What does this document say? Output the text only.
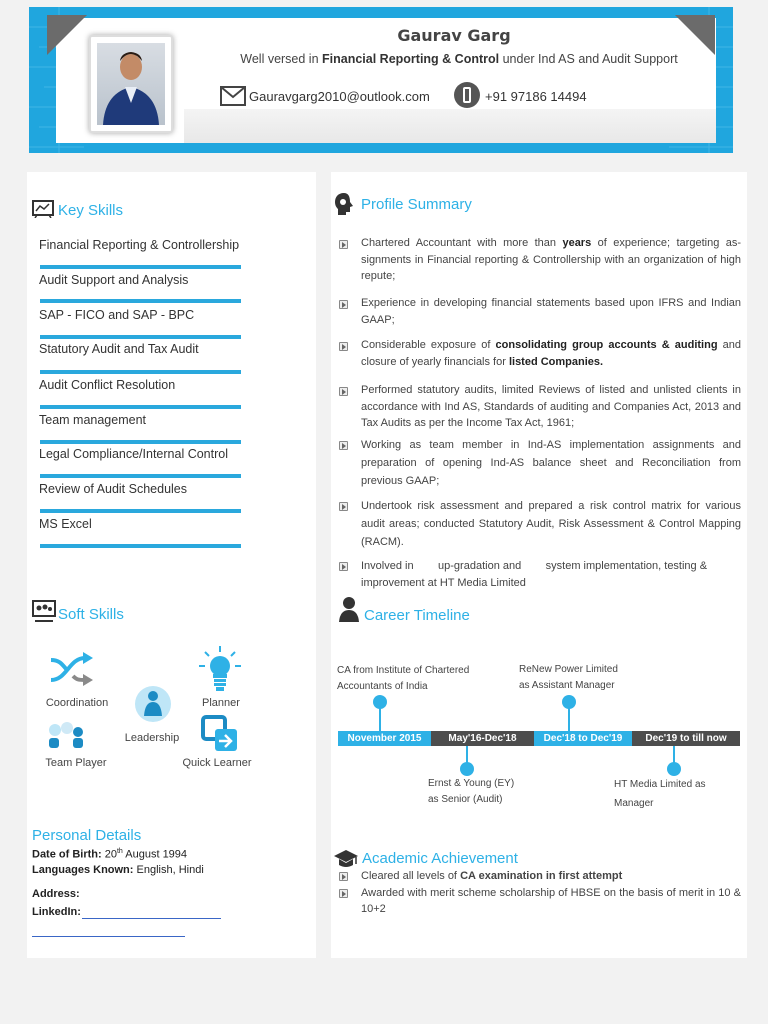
Gaurav Garg
Well versed in Financial Reporting & Control under Ind AS and Audit Support
Gauravgarg2010@outlook.com	+91 97186 14494
Key Skills
Financial Reporting & Controllership
Audit Support and Analysis
SAP - FICO and SAP - BPC
Statutory Audit and Tax Audit
Audit Conflict Resolution
Team management
Legal Compliance/Internal Control
Review of Audit Schedules
MS Excel
Soft Skills
Coordination	Planner
Leadership
Team Player	Quick Learner
Personal Details
Date of Birth: 20th August 1994
Languages Known: English, Hindi
Address:
LinkedIn:
Profile Summary
Chartered Accountant with more than years of experience; targeting as-signments in Financial reporting & Controllership with an organization of high repute;
Experience in developing financial statements based upon IFRS and Indian GAAP;
Considerable exposure of consolidating group accounts & auditing and closure of yearly financials for listed Companies.
Performed statutory audits, limited Reviews of listed and unlisted clients in accordance with Ind AS, Standards of auditing and Companies Act, 2013 and Tax Audits as per the Income Tax Act, 1961;
Working as team member in Ind-AS implementation assignments and preparation of opening Ind-AS balance sheet and Reconciliation from previous GAAP;
Undertook risk assessment and prepared a risk control matrix for various audit areas; conducted Statutory Audit, Risk Assessment & Control Mapping (RACM).
Involved in        up-gradation and        system implementation, testing & improvement at HT Media Limited
Career Timeline
CA from Institute of Chartered
Accountants of India
ReNew Power Limited
as Assistant Manager
November 2015	May'16-Dec'18	Dec'18 to Dec'19	Dec'19 to till now
Ernst & Young (EY)
as Senior (Audit)
HT Media Limited as
Manager
Academic Achievement
Cleared all levels of CA examination in first attempt
Awarded with merit scheme scholarship of HBSE on the basis of merit in 10 & 10+2
